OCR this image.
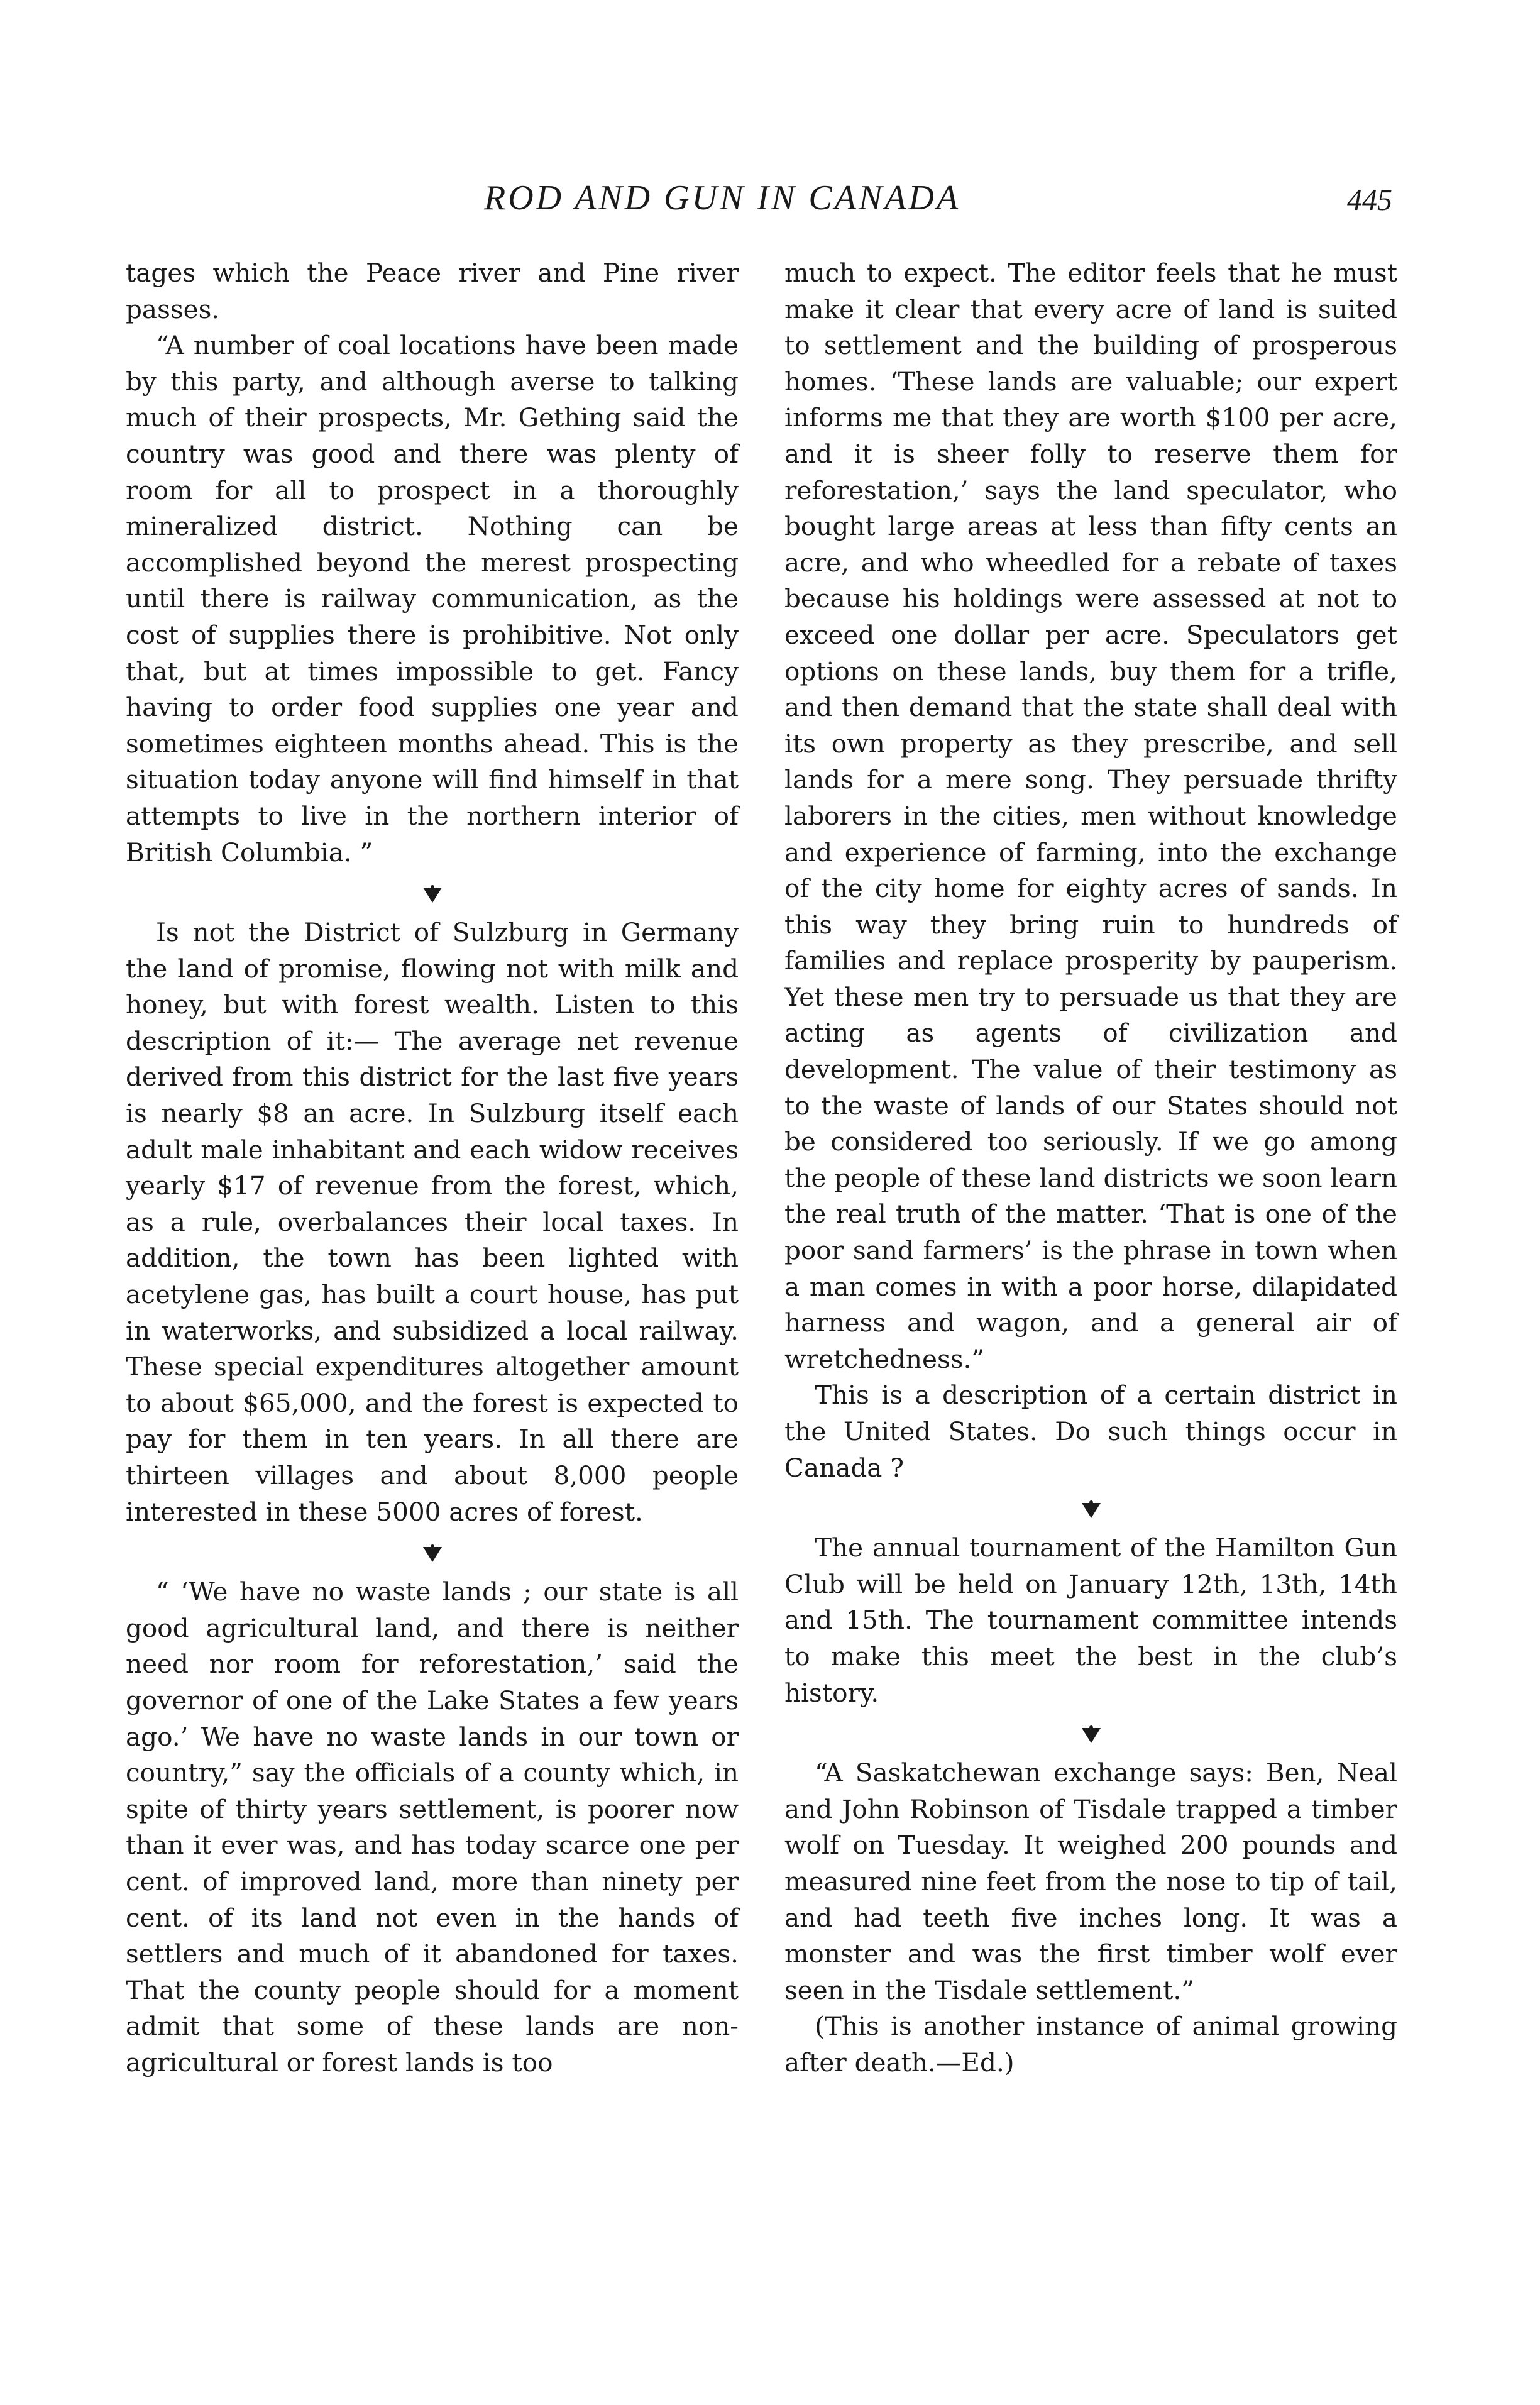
ROD AND GUN IN CANADA	445

tages which the Peace river and Pine river passes.

“A number of coal locations have been made by this party, and although averse to talking much of their prospects, Mr. Gething said the country was good and there was plenty of room for all to prospect in a thoroughly mineralized district. Nothing can be accomplished beyond the merest prospecting until there is railway communication, as the cost of supplies there is prohibitive. Not only that, but at times impossible to get. Fancy having to order food supplies one year and sometimes eighteen months ahead. This is the situation today anyone will find himself in that attempts to live in the northern interior of British Columbia. ”

Is not the District of Sulzburg in Germany the land of promise, flowing not with milk and honey, but with forest wealth. Listen to this description of it:— The average net revenue derived from this district for the last five years is nearly $8 an acre. In Sulzburg itself each adult male inhabitant and each widow receives yearly $17 of revenue from the forest, which, as a rule, overbalances their local taxes. In addition, the town has been lighted with acetylene gas, has built a court house, has put in waterworks, and subsidized a local railway. These special expenditures altogether amount to about $65,000, and the forest is expected to pay for them in ten years. In all there are thirteen villages and about 8,000 people interested in these 5000 acres of forest.

“ ‘We have no waste lands ; our state is all good agricultural land, and there is neither need nor room for reforestation,’ said the governor of one of the Lake States a few years ago.’ We have no waste lands in our town or country,” say the officials of a county which, in spite of thirty years settlement, is poorer now than it ever was, and has today scarce one per cent. of improved land, more than ninety per cent. of its land not even in the hands of settlers and much of it abandoned for taxes. That the county people should for a moment admit that some of these lands are non-agricultural or forest lands is too

much to expect. The editor feels that he must make it clear that every acre of land is suited to settlement and the building of prosperous homes. ‘These lands are valuable; our expert informs me that they are worth $100 per acre, and it is sheer folly to reserve them for reforestation,’ says the land speculator, who bought large areas at less than fifty cents an acre, and who wheedled for a rebate of taxes because his holdings were assessed at not to exceed one dollar per acre. Speculators get options on these lands, buy them for a trifle, and then demand that the state shall deal with its own property as they prescribe, and sell lands for a mere song. They persuade thrifty laborers in the cities, men without knowledge and experience of farming, into the exchange of the city home for eighty acres of sands. In this way they bring ruin to hundreds of families and replace prosperity by pauperism. Yet these men try to persuade us that they are acting as agents of civilization and development. The value of their testimony as to the waste of lands of our States should not be considered too seriously. If we go among the people of these land districts we soon learn the real truth of the matter. ‘That is one of the poor sand farmers’ is the phrase in town when a man comes in with a poor horse, dilapidated harness and wagon, and a general air of wretchedness.”

This is a description of a certain district in the United States. Do such things occur in Canada ?

The annual tournament of the Hamilton Gun Club will be held on January 12th, 13th, 14th and 15th. The tournament committee intends to make this meet the best in the club’s history.

“A Saskatchewan exchange says: Ben, Neal and John Robinson of Tisdale trapped a timber wolf on Tuesday. It weighed 200 pounds and measured nine feet from the nose to tip of tail, and had teeth five inches long. It was a monster and was the first timber wolf ever seen in the Tisdale settlement.”

(This is another instance of animal growing after death.—Ed.)
